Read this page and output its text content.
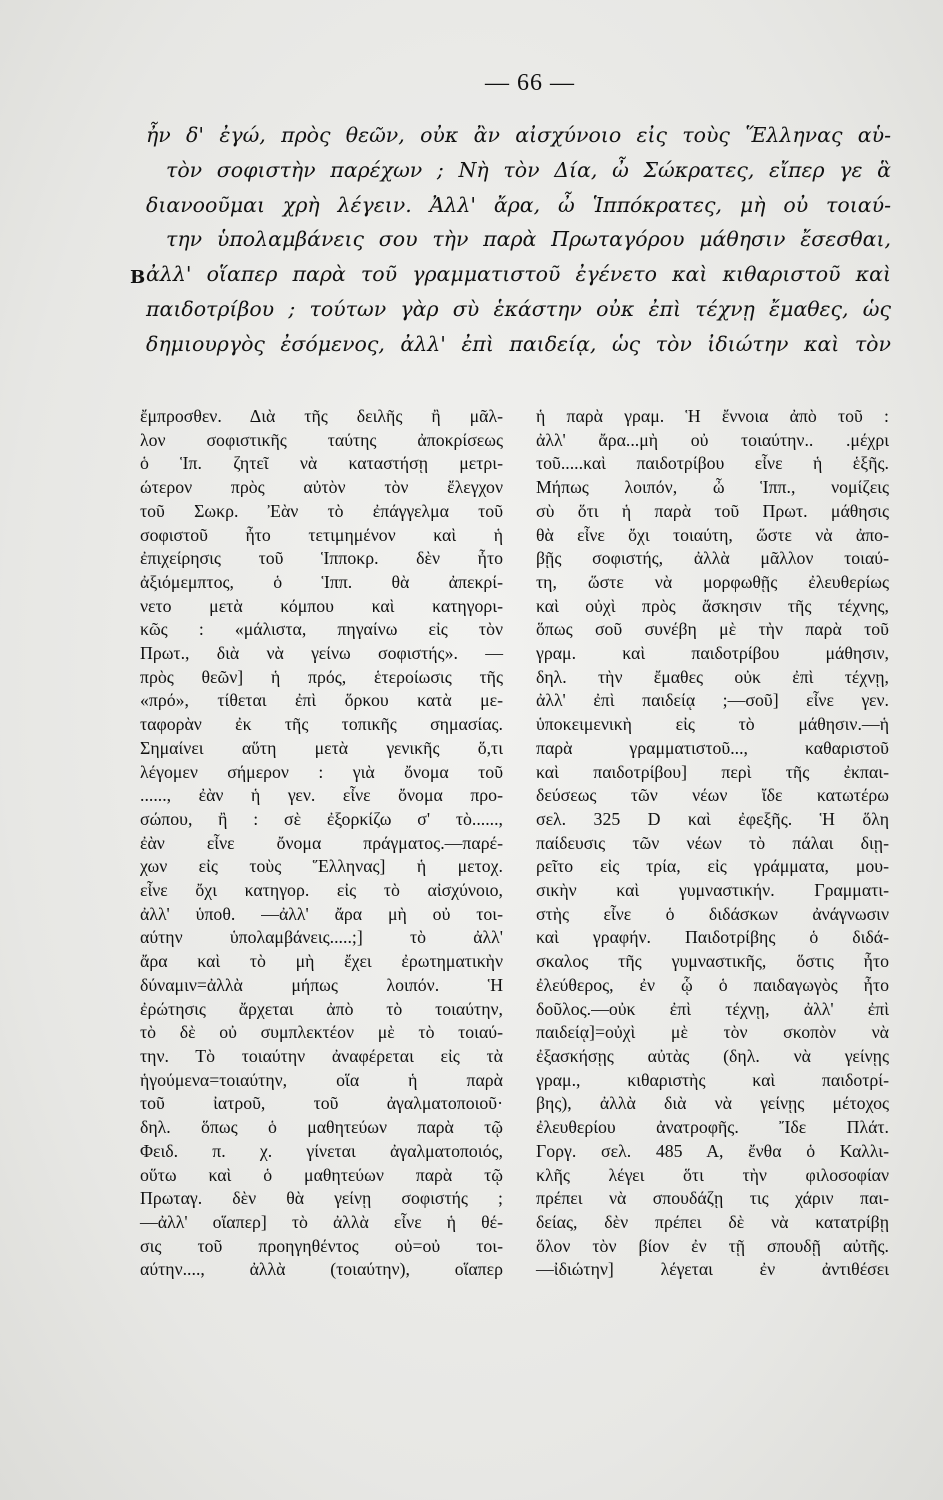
— 66 —
B
ἦν δ' ἐγώ, πρὸς θεῶν, οὐκ ἂν αἰσχύνοιο εἰς τοὺς Ἕλληνας αὑ-
τὸν σοφιστὴν παρέχων ; Νὴ τὸν Δία, ὦ Σώκρατες, εἴπερ γε ἃ
διανοοῦμαι χρὴ λέγειν. Ἀλλ' ἄρα, ὦ Ἱππόκρατες, μὴ οὐ τοιαύ-
την ὑπολαμβάνεις σου τὴν παρὰ Πρωταγόρου μάθησιν ἔσεσθαι,
ἀλλ' οἵαπερ παρὰ τοῦ γραμματιστοῦ ἐγένετο καὶ κιθαριστοῦ καὶ
παιδοτρίβου ; τούτων γὰρ σὺ ἑκάστην οὐκ ἐπὶ τέχνῃ ἔμαθες, ὡς
δημιουργὸς ἐσόμενος, ἀλλ' ἐπὶ παιδείᾳ, ὡς τὸν ἰδιώτην καὶ τὸν
ἔμπροσθεν. Διὰ τῆς δειλῆς ἢ μᾶλ-
λον σοφιστικῆς ταύτης ἀποκρίσεως
ὁ Ἱπ. ζητεῖ νὰ καταστήσῃ μετρι-
ώτερον πρὸς αὐτὸν τὸν ἔλεγχον
τοῦ Σωκρ. Ἐὰν τὸ ἐπάγγελμα τοῦ
σοφιστοῦ ἦτο τετιμημένον καὶ ἡ
ἐπιχείρησις τοῦ Ἱπποκρ. δὲν ἦτο
ἀξιόμεμπτος, ὁ Ἱππ. θὰ ἀπεκρί-
νετο μετὰ κόμπου καὶ κατηγορι-
κῶς : «μάλιστα, πηγαίνω εἰς τὸν
Πρωτ., διὰ νὰ γείνω σοφιστής». —
πρὸς θεῶν] ἡ πρός, ἑτεροίωσις τῆς
«πρό», τίθεται ἐπὶ ὅρκου κατὰ με-
ταφορὰν ἐκ τῆς τοπικῆς σημασίας.
Σημαίνει αὕτη μετὰ γενικῆς ὅ,τι
λέγομεν σήμερον : γιὰ ὄνομα τοῦ
......, ἐὰν ἡ γεν. εἶνε ὄνομα προ-
σώπου, ἢ : σὲ ἐξορκίζω σ' τὸ......,
ἐὰν εἶνε ὄνομα πράγματος.—παρέ-
χων εἰς τοὺς Ἕλληνας] ἡ μετοχ.
εἶνε ὄχι κατηγορ. εἰς τὸ αἰσχύνοιο,
ἀλλ' ὑποθ. —ἀλλ' ἄρα μὴ οὐ τοι-
αύτην ὑπολαμβάνεις.....;] τὸ ἀλλ'
ἄρα καὶ τὸ μὴ ἔχει ἐρωτηματικὴν
δύναμιν=ἀλλὰ μήπως λοιπόν. Ἡ
ἐρώτησις ἄρχεται ἀπὸ τὸ τοιαύτην,
τὸ δὲ οὐ συμπλεκτέον μὲ τὸ τοιαύ-
την. Τὸ τοιαύτην ἀναφέρεται εἰς τὰ
ἡγούμενα=τοιαύτην, οἵα ἡ παρὰ
τοῦ ἰατροῦ, τοῦ ἀγαλματοποιοῦ·
δηλ. ὅπως ὁ μαθητεύων παρὰ τῷ
Φειδ. π. χ. γίνεται ἀγαλματοποιός,
οὕτω καὶ ὁ μαθητεύων παρὰ τῷ
Πρωταγ. δὲν θὰ γείνῃ σοφιστής ;
—ἀλλ' οἵαπερ] τὸ ἀλλὰ εἶνε ἡ θέ-
σις τοῦ προηγηθέντος οὐ=οὐ τοι-
αύτην...., ἀλλὰ (τοιαύτην), οἵαπερ
ἡ παρὰ γραμ. Ἡ ἔννοια ἀπὸ τοῦ :
ἀλλ' ἄρα...μὴ οὐ τοιαύτην.. .μέχρι
τοῦ.....καὶ παιδοτρίβου εἶνε ἡ ἑξῆς.
Μήπως λοιπόν, ὦ Ἱππ., νομίζεις
σὺ ὅτι ἡ παρὰ τοῦ Πρωτ. μάθησις
θὰ εἶνε ὄχι τοιαύτη, ὥστε νὰ ἀπο-
βῇς σοφιστής, ἀλλὰ μᾶλλον τοιαύ-
τη, ὥστε νὰ μορφωθῇς ἐλευθερίως
καὶ οὐχὶ πρὸς ἄσκησιν τῆς τέχνης,
ὅπως σοῦ συνέβη μὲ τὴν παρὰ τοῦ
γραμ. καὶ παιδοτρίβου μάθησιν,
δηλ. τὴν ἔμαθες οὐκ ἐπὶ τέχνῃ,
ἀλλ' ἐπὶ παιδείᾳ ;—σοῦ] εἶνε γεν.
ὑποκειμενικὴ εἰς τὸ μάθησιν.—ἡ
παρὰ γραμματιστοῦ..., καθαριστοῦ
καὶ παιδοτρίβου] περὶ τῆς ἐκπαι-
δεύσεως τῶν νέων ἴδε κατωτέρω
σελ. 325 D καὶ ἐφεξῆς. Ἡ ὅλη
παίδευσις τῶν νέων τὸ πάλαι διῃ-
ρεῖτο εἰς τρία, εἰς γράμματα, μου-
σικὴν καὶ γυμναστικήν. Γραμματι-
στὴς εἶνε ὁ διδάσκων ἀνάγνωσιν
καὶ γραφήν. Παιδοτρίβης ὁ διδά-
σκαλος τῆς γυμναστικῆς, ὅστις ἦτο
ἐλεύθερος, ἐν ᾧ ὁ παιδαγωγὸς ἦτο
δοῦλος.—οὐκ ἐπὶ τέχνῃ, ἀλλ' ἐπὶ
παιδείᾳ]=οὐχὶ μὲ τὸν σκοπὸν νὰ
ἐξασκήσῃς αὐτὰς (δηλ. νὰ γείνῃς
γραμ., κιθαριστὴς καὶ παιδοτρί-
βης), ἀλλὰ διὰ νὰ γείνῃς μέτοχος
ἐλευθερίου ἀνατροφῆς. Ἴδε Πλάτ.
Γοργ. σελ. 485 Α, ἔνθα ὁ Καλλι-
κλῆς λέγει ὅτι τὴν φιλοσοφίαν
πρέπει νὰ σπουδάζῃ τις χάριν παι-
δείας, δὲν πρέπει δὲ νὰ κατατρίβῃ
ὅλον τὸν βίον ἐν τῇ σπουδῇ αὐτῆς.
—ἰδιώτην] λέγεται ἐν ἀντιθέσει
